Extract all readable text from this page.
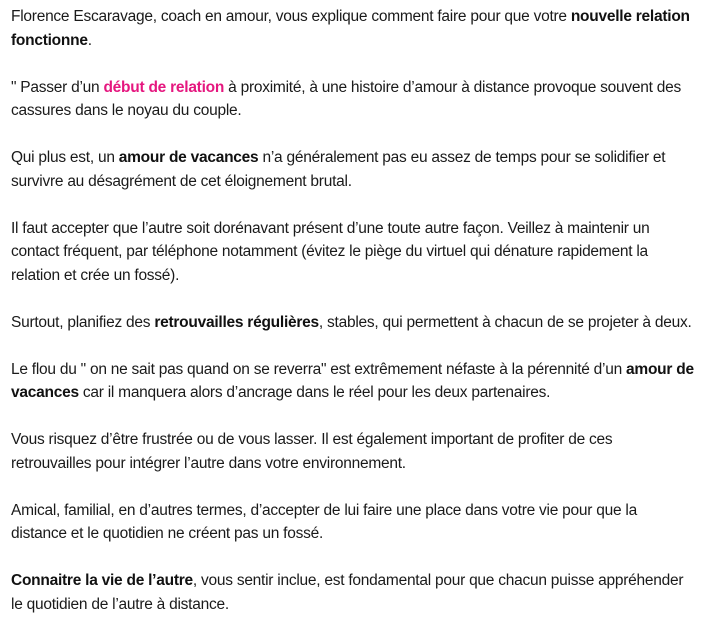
Florence Escaravage, coach en amour, vous explique comment faire pour que votre nouvelle relation fonctionne.

" Passer d’un début de relation à proximité, à une histoire d’amour à distance provoque souvent des cassures dans le noyau du couple.

Qui plus est, un amour de vacances n’a généralement pas eu assez de temps pour se solidifier et survivre au désagrément de cet éloignement brutal.

Il faut accepter que l’autre soit dorénavant présent d’une toute autre façon. Veillez à maintenir un contact fréquent, par téléphone notamment (évitez le piège du virtuel qui dénature rapidement la relation et crée un fossé).

Surtout, planifiez des retrouvailles régulières, stables, qui permettent à chacun de se projeter à deux.

Le flou du " on ne sait pas quand on se reverra" est extrêmement néfaste à la pérennité d’un amour de vacances car il manquera alors d’ancrage dans le réel pour les deux partenaires.

Vous risquez d’être frustrée ou de vous lasser. Il est également important de profiter de ces retrouvailles pour intégrer l’autre dans votre environnement.

Amical, familial, en d’autres termes, d’accepter de lui faire une place dans votre vie pour que la distance et le quotidien ne créent pas un fossé.

Connaitre la vie de l’autre, vous sentir inclue, est fondamental pour que chacun puisse appréhender le quotidien de l’autre à distance.
